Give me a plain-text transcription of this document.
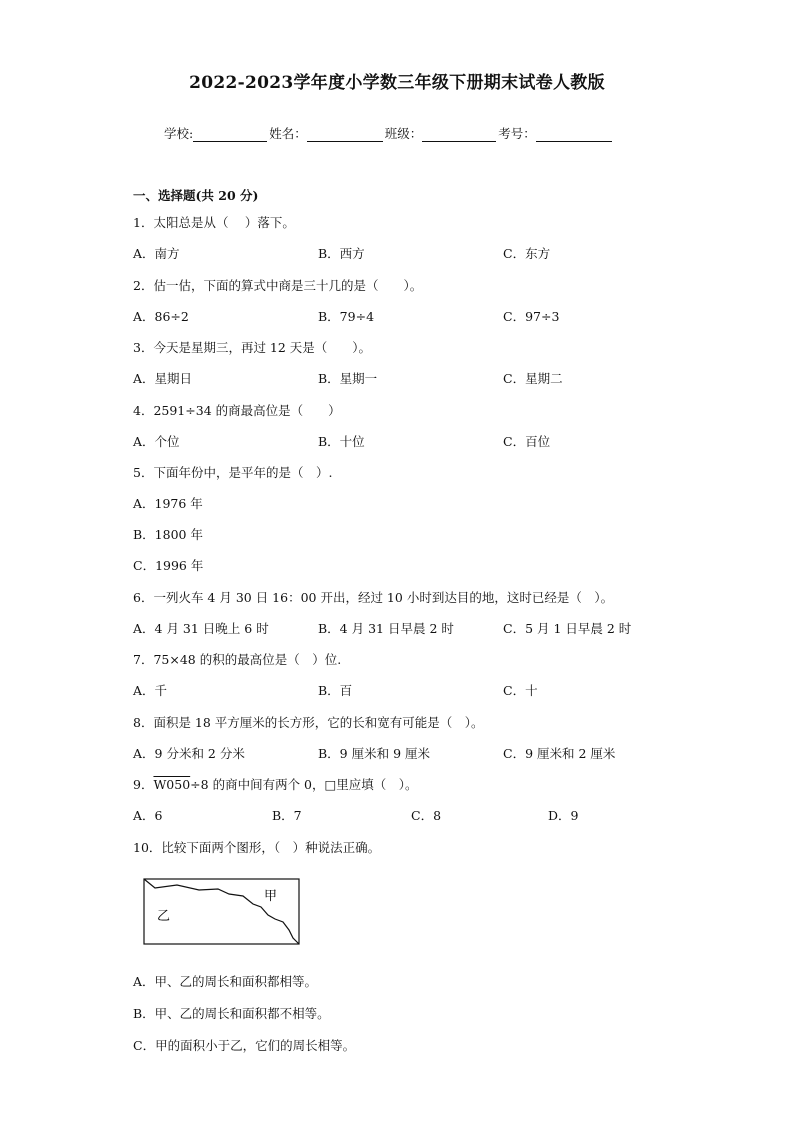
2022-2023学年度小学数三年级下册期末试卷人教版
学校:	姓名：	班级：	考号：
一、选择题(共 20 分)
1．太阳总是从（　 ）落下。
A．南方	B．西方	C．东方
2．估一估，下面的算式中商是三十几的是（　　）。
A．86÷2	B．79÷4	C．97÷3
3．今天是星期三，再过 12 天是（　　）。
A．星期日	B．星期一	C．星期二
4．2591÷34 的商最高位是（　　）
A．个位	B．十位	C．百位
5．下面年份中，是平年的是（　）.
A．1976 年
B．1800 年
C．1996 年
6．一列火车 4 月 30 日 16：00 开出，经过 10 小时到达目的地，这时已经是（　）。
A．4 月 31 日晚上 6 时	B．4 月 31 日早晨 2 时	C．5 月 1 日早晨 2 时
7．75×48 的积的最高位是（　）位.
A．千	B．百	C．十
8．面积是 18 平方厘米的长方形，它的长和宽有可能是（　）。
A．9 分米和 2 分米	B．9 厘米和 9 厘米	C．9 厘米和 2 厘米
9．W050÷8 的商中间有两个 0，□里应填（　）。
A．6	B．7	C．8	D．9
10．比较下面两个图形，（　）种说法正确。
甲
乙
A．甲、乙的周长和面积都相等。
B．甲、乙的周长和面积都不相等。
C．甲的面积小于乙，它们的周长相等。
